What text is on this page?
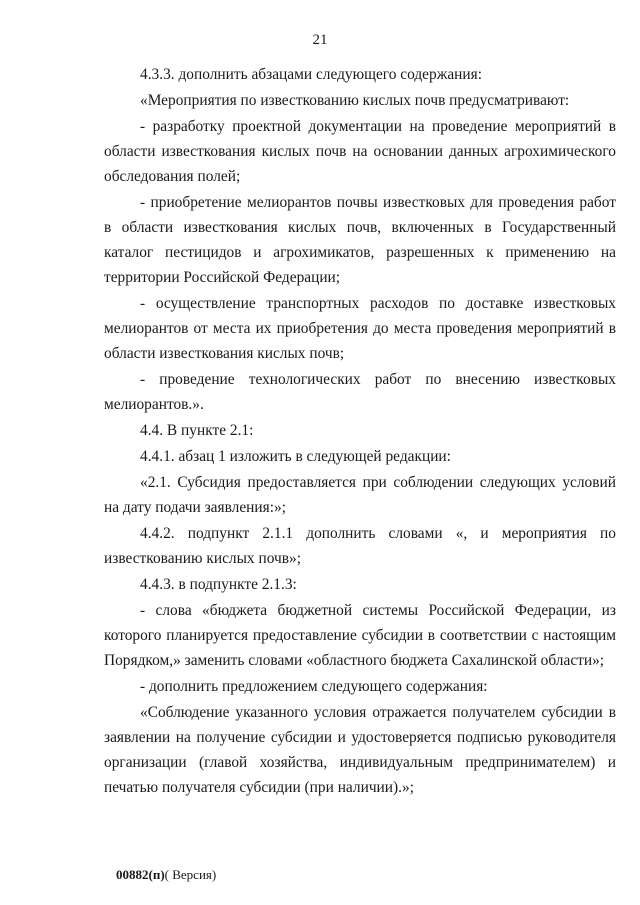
21

4.3.3. дополнить абзацами следующего содержания:

«Мероприятия по известкованию кислых почв предусматривают:

- разработку проектной документации на проведение мероприятий в области известкования кислых почв на основании данных агрохимического обследования полей;

- приобретение мелиорантов почвы известковых для проведения работ в области известкования кислых почв, включенных в Государственный каталог пестицидов и агрохимикатов, разрешенных к применению на территории Российской Федерации;

- осуществление транспортных расходов по доставке известковых мелиорантов от места их приобретения до места проведения мероприятий в области известкования кислых почв;

- проведение технологических работ по внесению известковых мелиорантов.».

4.4. В пункте 2.1:

4.4.1. абзац 1 изложить в следующей редакции:

«2.1. Субсидия предоставляется при соблюдении следующих условий на дату подачи заявления:»;

4.4.2. подпункт 2.1.1 дополнить словами «, и мероприятия по известкованию кислых почв»;

4.4.3. в подпункте 2.1.3:

- слова «бюджета бюджетной системы Российской Федерации, из которого планируется предоставление субсидии в соответствии с настоящим Порядком,» заменить словами «областного бюджета Сахалинской области»;

- дополнить предложением следующего содержания:

«Соблюдение указанного условия отражается получателем субсидии в заявлении на получение субсидии и удостоверяется подписью руководителя организации (главой хозяйства, индивидуальным предпринимателем) и печатью получателя субсидии (при наличии).»;

00882(п)( Версия)
